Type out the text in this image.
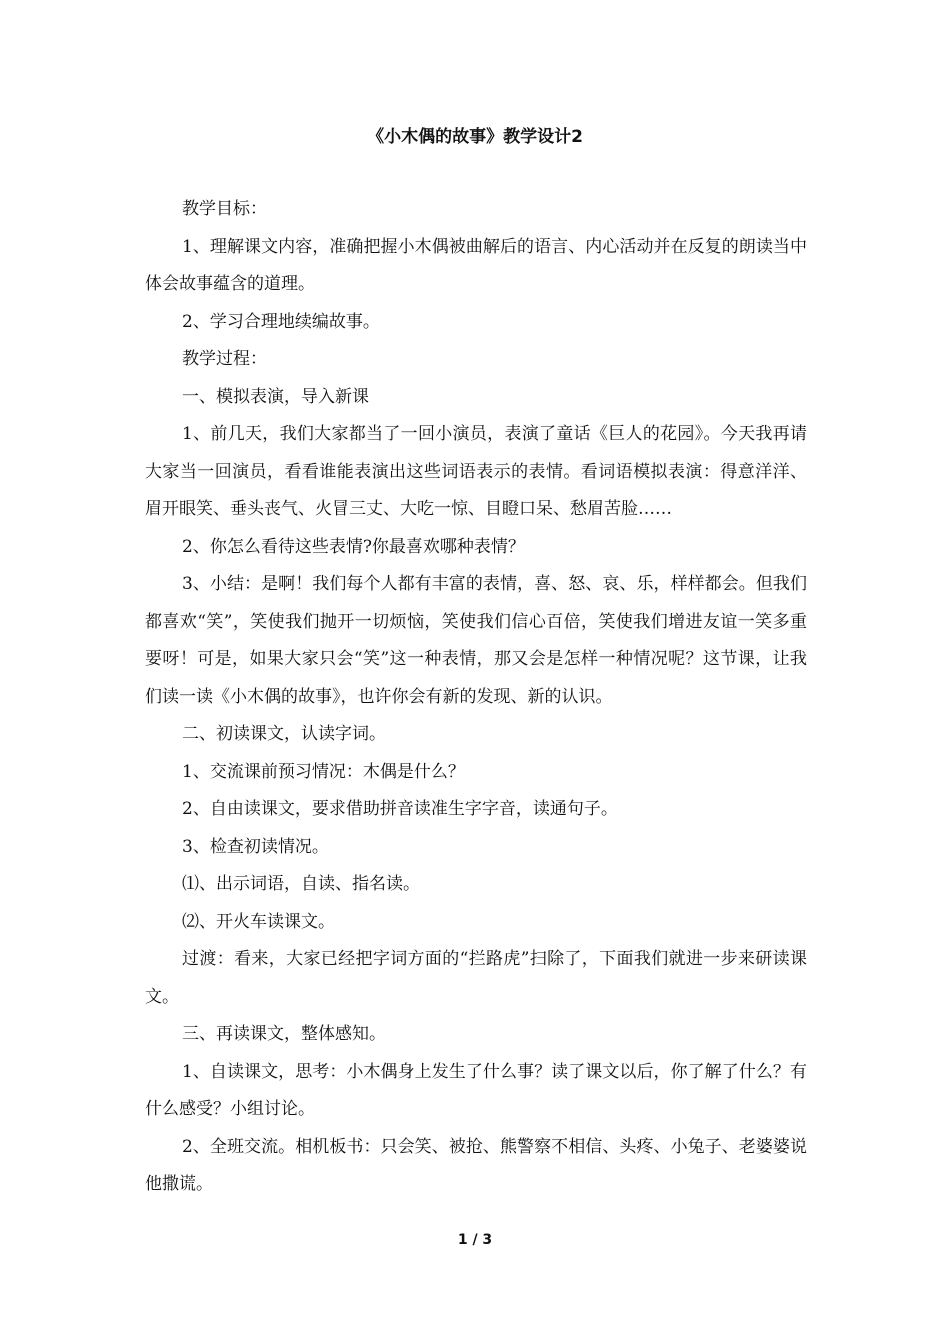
《小木偶的故事》教学设计2

教学目标：

1、理解课文内容，准确把握小木偶被曲解后的语言、内心活动并在反复的朗读当中体会故事蕴含的道理。

2、学习合理地续编故事。

教学过程：

一、模拟表演，导入新课

1、前几天，我们大家都当了一回小演员，表演了童话《巨人的花园》。今天我再请大家当一回演员，看看谁能表演出这些词语表示的表情。看词语模拟表演：得意洋洋、眉开眼笑、垂头丧气、火冒三丈、大吃一惊、目瞪口呆、愁眉苦脸……

2、你怎么看待这些表情?你最喜欢哪种表情？

3、小结：是啊！我们每个人都有丰富的表情，喜、怒、哀、乐，样样都会。但我们都喜欢“笑”，笑使我们抛开一切烦恼，笑使我们信心百倍，笑使我们增进友谊一笑多重要呀！可是，如果大家只会“笑”这一种表情，那又会是怎样一种情况呢？这节课，让我们读一读《小木偶的故事》，也许你会有新的发现、新的认识。

二、初读课文，认读字词。

1、交流课前预习情况：木偶是什么？

2、自由读课文，要求借助拼音读准生字字音，读通句子。

3、检查初读情况。

⑴、出示词语，自读、指名读。

⑵、开火车读课文。

过渡：看来，大家已经把字词方面的“拦路虎”扫除了，下面我们就进一步来研读课文。

三、再读课文，整体感知。

1、自读课文，思考：小木偶身上发生了什么事？读了课文以后，你了解了什么？有什么感受？小组讨论。

2、全班交流。相机板书：只会笑、被抢、熊警察不相信、头疼、小兔子、老婆婆说他撒谎。

1 / 3
